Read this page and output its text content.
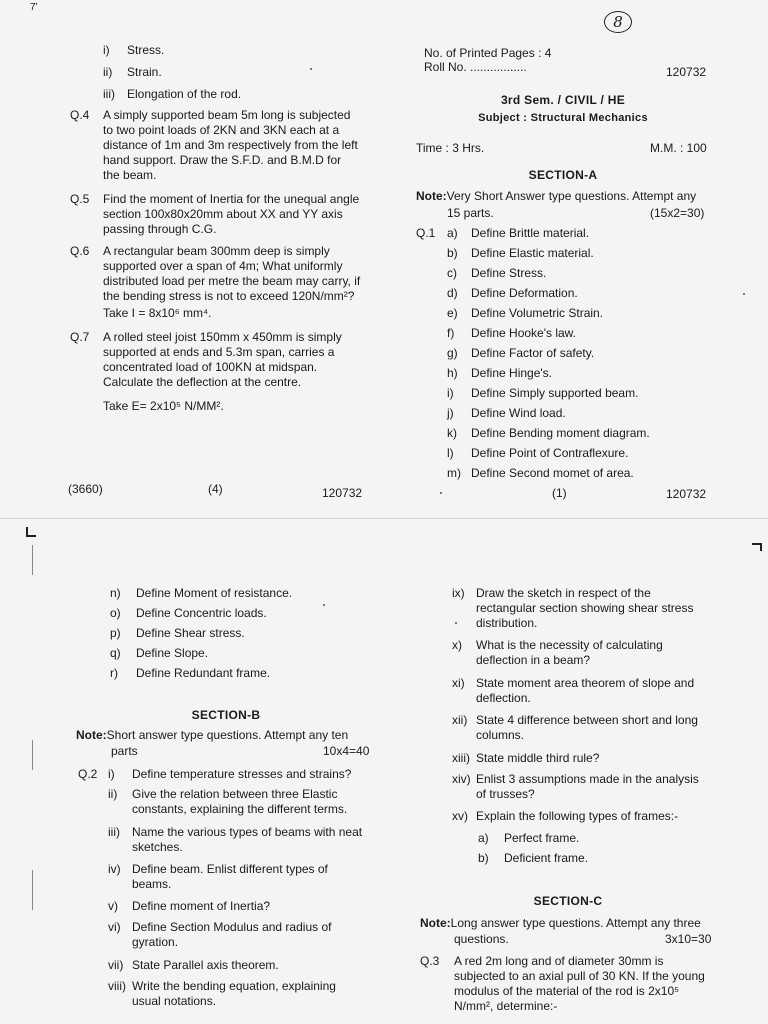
7ʹ
8
No. of Printed Pages : 4
Roll No. .................	120732
3rd Sem. / CIVIL / HE
Subject : Structural Mechanics
Time : 3 Hrs.	M.M. : 100
SECTION-A
Note:Very Short Answer type questions. Attempt any
15 parts.	(15x2=30)
Q.1 a) Define Brittle material.
b) Define Elastic material.
c) Define Stress.
d) Define Deformation.
e) Define Volumetric Strain.
f) Define Hooke's law.
g) Define Factor of safety.
h) Define Hinge's.
i) Define Simply supported beam.
j) Define Wind load.
k) Define Bending moment diagram.
l) Define Point of Contraflexure.
m) Define Second momet of area.
(1)	120732
i) Stress.
ii) Strain.
iii) Elongation of the rod.
Q.4 A simply supported beam 5m long is subjected
to two point loads of 2KN and 3KN each at a
distance of 1m and 3m respectively from the left
hand support. Draw the S.F.D. and B.M.D for
the beam.
Q.5 Find the moment of Inertia for the unequal angle
section 100x80x20mm about XX and YY axis
passing through C.G.
Q.6 A rectangular beam 300mm deep is simply
supported over a span of 4m; What uniformly
distributed load per metre the beam may carry, if
the bending stress is not to exceed 120N/mm²?
Take I = 8x10⁶ mm⁴.
Q.7 A rolled steel joist 150mm x 450mm is simply
supported at ends and 5.3m span, carries a
concentrated load of 100KN at midspan.
Calculate the deflection at the centre.
Take E= 2x10⁵ N/MM².
(3660)	(4)	120732
n) Define Moment of resistance.
o) Define Concentric loads.
p) Define Shear stress.
q) Define Slope.
r) Define Redundant frame.
SECTION-B
Note:Short answer type questions. Attempt any ten
parts	10x4=40
Q.2 i) Define temperature stresses and strains?
ii) Give the relation between three Elastic
constants, explaining the different terms.
iii) Name the various types of beams with neat
sketches.
iv) Define beam. Enlist different types of
beams.
v) Define moment of Inertia?
vi) Define Section Modulus and radius of
gyration.
vii) State Parallel axis theorem.
viii) Write the bending equation, explaining
usual notations.
ix) Draw the sketch in respect of the
rectangular section showing shear stress
distribution.
x) What is the necessity of calculating
deflection in a beam?
xi) State moment area theorem of slope and
deflection.
xii) State 4 difference between short and long
columns.
xiii) State middle third rule?
xiv) Enlist 3 assumptions made in the analysis
of trusses?
xv) Explain the following types of frames:-
a) Perfect frame.
b) Deficient frame.
SECTION-C
Note:Long answer type questions. Attempt any three
questions.	3x10=30
Q.3 A red 2m long and of diameter 30mm is
subjected to an axial pull of 30 KN. If the young
modulus of the material of the rod is 2x10⁵
N/mm², determine:-
